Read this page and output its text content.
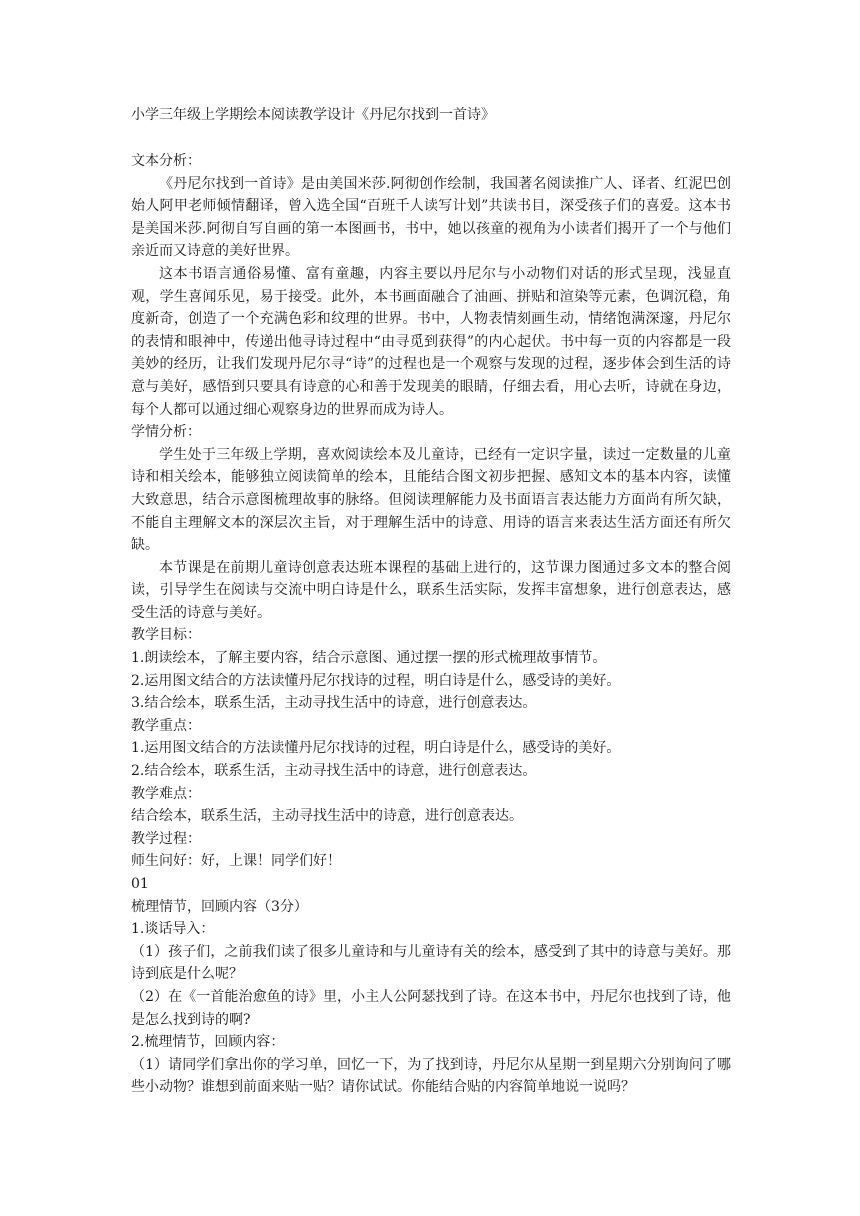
小学三年级上学期绘本阅读教学设计《丹尼尔找到一首诗》

文本分析：

《丹尼尔找到一首诗》是由美国米莎.阿彻创作绘制，我国著名阅读推广人、译者、红泥巴创始人阿甲老师倾情翻译，曾入选全国“百班千人读写计划”共读书目，深受孩子们的喜爱。这本书是美国米莎.阿彻自写自画的第一本图画书，书中，她以孩童的视角为小读者们揭开了一个与他们亲近而又诗意的美好世界。

这本书语言通俗易懂、富有童趣，内容主要以丹尼尔与小动物们对话的形式呈现，浅显直观，学生喜闻乐见，易于接受。此外，本书画面融合了油画、拼贴和渲染等元素，色调沉稳，角度新奇，创造了一个充满色彩和纹理的世界。书中，人物表情刻画生动，情绪饱满深邃，丹尼尔的表情和眼神中，传递出他寻诗过程中“由寻觅到获得”的内心起伏。书中每一页的内容都是一段美妙的经历，让我们发现丹尼尔寻“诗”的过程也是一个观察与发现的过程，逐步体会到生活的诗意与美好，感悟到只要具有诗意的心和善于发现美的眼睛，仔细去看，用心去听，诗就在身边，每个人都可以通过细心观察身边的世界而成为诗人。

学情分析：

学生处于三年级上学期，喜欢阅读绘本及儿童诗，已经有一定识字量，读过一定数量的儿童诗和相关绘本，能够独立阅读简单的绘本，且能结合图文初步把握、感知文本的基本内容，读懂大致意思，结合示意图梳理故事的脉络。但阅读理解能力及书面语言表达能力方面尚有所欠缺，不能自主理解文本的深层次主旨，对于理解生活中的诗意、用诗的语言来表达生活方面还有所欠缺。

本节课是在前期儿童诗创意表达班本课程的基础上进行的，这节课力图通过多文本的整合阅读，引导学生在阅读与交流中明白诗是什么，联系生活实际，发挥丰富想象，进行创意表达，感受生活的诗意与美好。

教学目标：

1.朗读绘本，了解主要内容，结合示意图、通过摆一摆的形式梳理故事情节。

2.运用图文结合的方法读懂丹尼尔找诗的过程，明白诗是什么，感受诗的美好。

3.结合绘本，联系生活，主动寻找生活中的诗意，进行创意表达。

教学重点：

1.运用图文结合的方法读懂丹尼尔找诗的过程，明白诗是什么，感受诗的美好。

2.结合绘本，联系生活，主动寻找生活中的诗意，进行创意表达。

教学难点：

结合绘本，联系生活，主动寻找生活中的诗意，进行创意表达。

教学过程：

师生问好：好，上课！同学们好！

01

梳理情节，回顾内容（3分）

1.谈话导入：

（1）孩子们，之前我们读了很多儿童诗和与儿童诗有关的绘本，感受到了其中的诗意与美好。那诗到底是什么呢？

（2）在《一首能治愈鱼的诗》里，小主人公阿瑟找到了诗。在这本书中，丹尼尔也找到了诗，他是怎么找到诗的啊?

2.梳理情节，回顾内容：

（1）请同学们拿出你的学习单，回忆一下，为了找到诗，丹尼尔从星期一到星期六分别询问了哪些小动物？谁想到前面来贴一贴？请你试试。你能结合贴的内容简单地说一说吗？
